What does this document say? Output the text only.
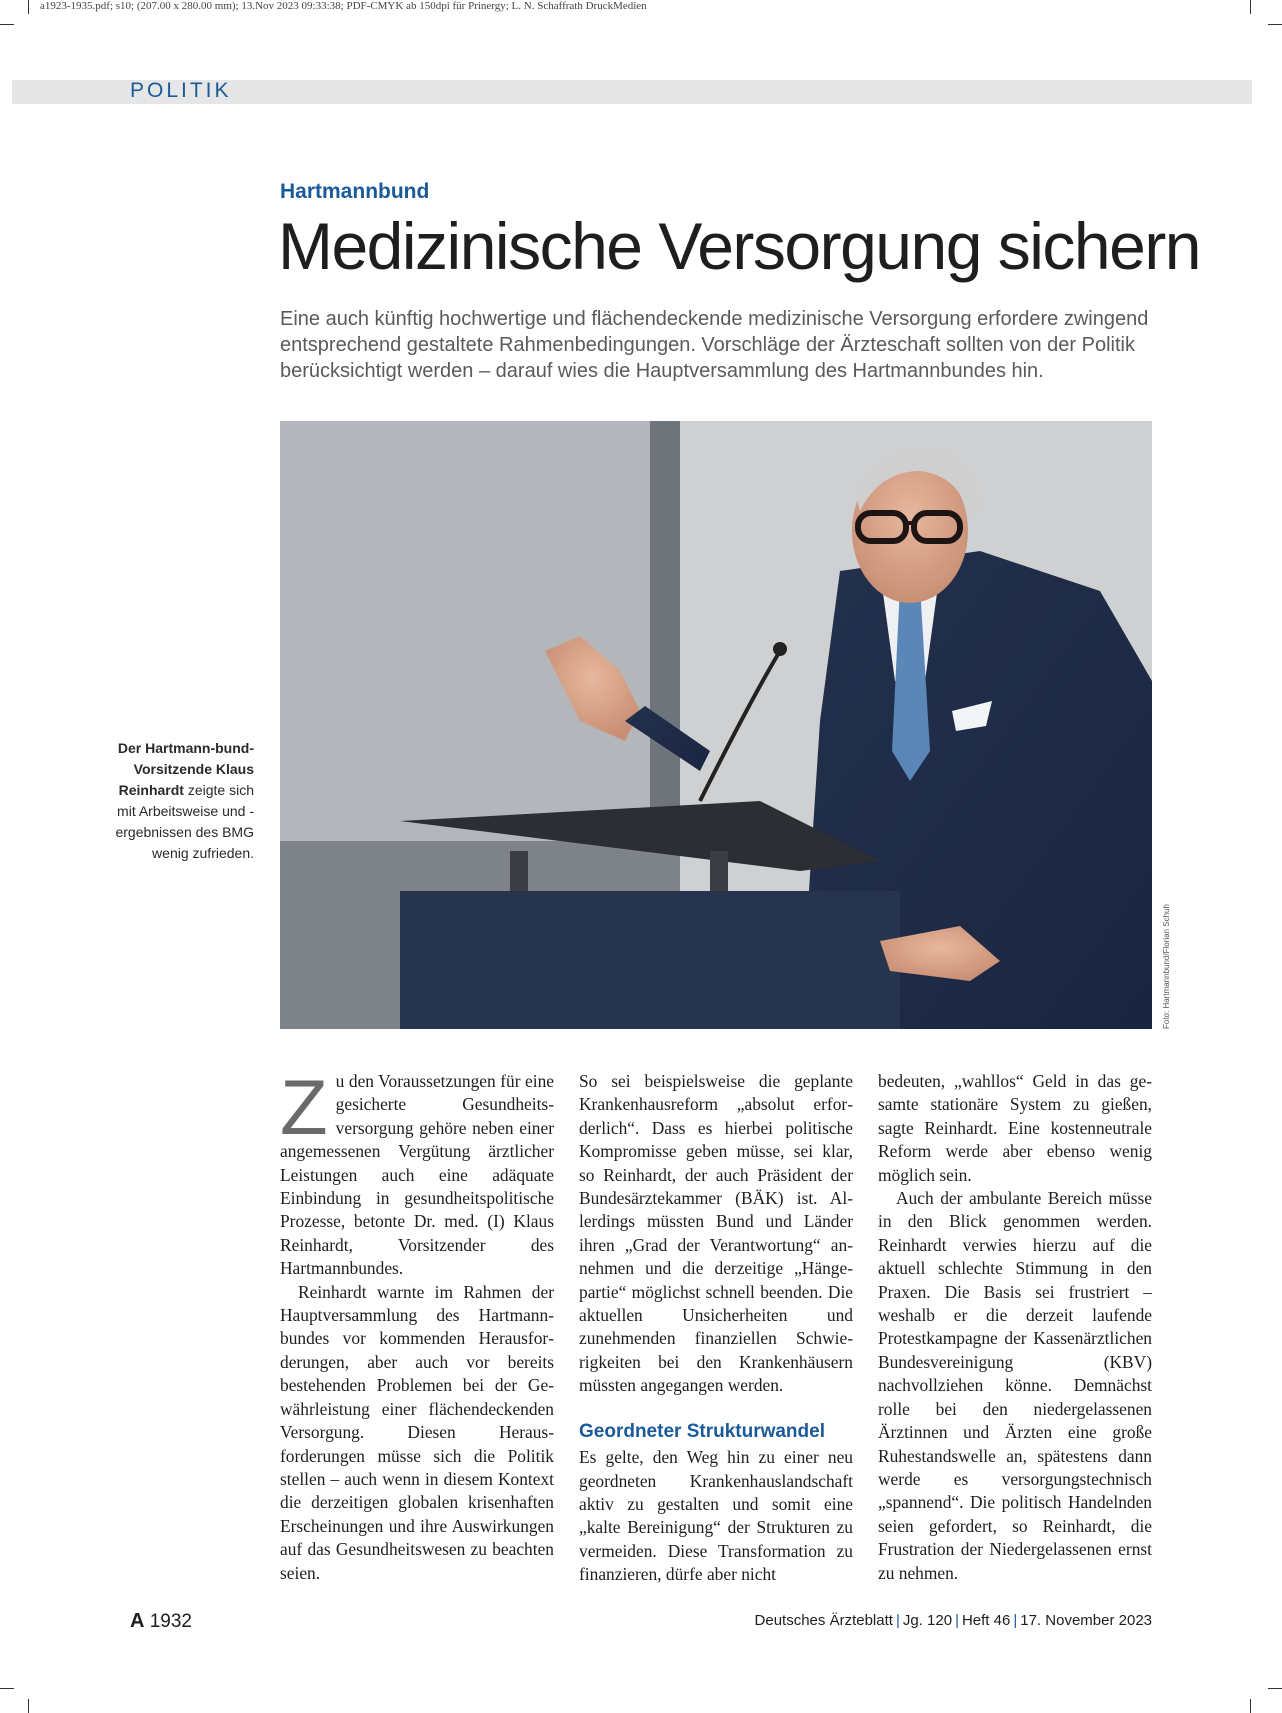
a1923-1935.pdf; s10; (207.00 x 280.00 mm); 13.Nov 2023 09:33:38; PDF-CMYK ab 150dpi für Prinergy; L. N. Schaffrath DruckMedien
POLITIK
Hartmannbund
Medizinische Versorgung sichern
Eine auch künftig hochwertige und flächendeckende medizinische Versorgung erfordere zwingend entsprechend gestaltete Rahmenbedingungen. Vorschläge der Ärzteschaft sollten von der Politik berücksichtigt werden – darauf wies die Hauptversammlung des Hartmannbundes hin.
Foto: Hartmannbund/Florian Schuh
Der Hartmann-bund-Vorsitzende Klaus Reinhardt zeigte sich mit Arbeitsweise und -ergebnissen des BMG wenig zufrieden.

Zu den Voraussetzungen für eine gesicherte Gesundheitsversorgung gehöre neben einer angemessenen Vergütung ärztlicher Leistungen auch eine adäquate Einbindung in gesundheitspolitische Prozesse, betonte Dr. med. (I) Klaus Reinhardt, Vorsitzender des Hartmannbundes.

Reinhardt warnte im Rahmen der Hauptversammlung des Hartmannbundes vor kommenden Herausforderungen, aber auch vor bereits bestehenden Problemen bei der Gewährleistung einer flächendeckenden Versorgung. Diesen Herausforderungen müsse sich die Politik stellen – auch wenn in diesem Kontext die derzeitigen globalen krisenhaften Erscheinungen und ihre Auswirkungen auf das Gesundheitswesen zu beachten seien.

So sei beispielsweise die geplante Krankenhausreform „absolut erforderlich“. Dass es hierbei politische Kompromisse geben müsse, sei klar, so Reinhardt, der auch Präsident der Bundesärztekammer (BÄK) ist. Allerdings müssten Bund und Länder ihren „Grad der Verantwortung“ annehmen und die derzeitige „Hängepartie“ möglichst schnell beenden. Die aktuellen Unsicherheiten und zunehmenden finanziellen Schwierigkeiten bei den Krankenhäusern müssten angegangen werden.

Geordneter Strukturwandel

Es gelte, den Weg hin zu einer neu geordneten Krankenhauslandschaft aktiv zu gestalten und somit eine „kalte Bereinigung“ der Strukturen zu vermeiden. Diese Transformation zu finanzieren, dürfe aber nicht

bedeuten, „wahllos“ Geld in das gesamte stationäre System zu gießen, sagte Reinhardt. Eine kostenneutrale Reform werde aber ebenso wenig möglich sein.

Auch der ambulante Bereich müsse in den Blick genommen werden. Reinhardt verwies hierzu auf die aktuell schlechte Stimmung in den Praxen. Die Basis sei frustriert – weshalb er die derzeit laufende Protestkampagne der Kassenärztlichen Bundesvereinigung (KBV) nachvollziehen könne. Demnächst rolle bei den niedergelassenen Ärztinnen und Ärzten eine große Ruhestandswelle an, spätestens dann werde es versorgungstechnisch „spannend“. Die politisch Handelnden seien gefordert, so Reinhardt, die Frustration der Niedergelassenen ernst zu nehmen.

A 1932	Deutsches Ärzteblatt | Jg. 120 | Heft 46 | 17. November 2023
